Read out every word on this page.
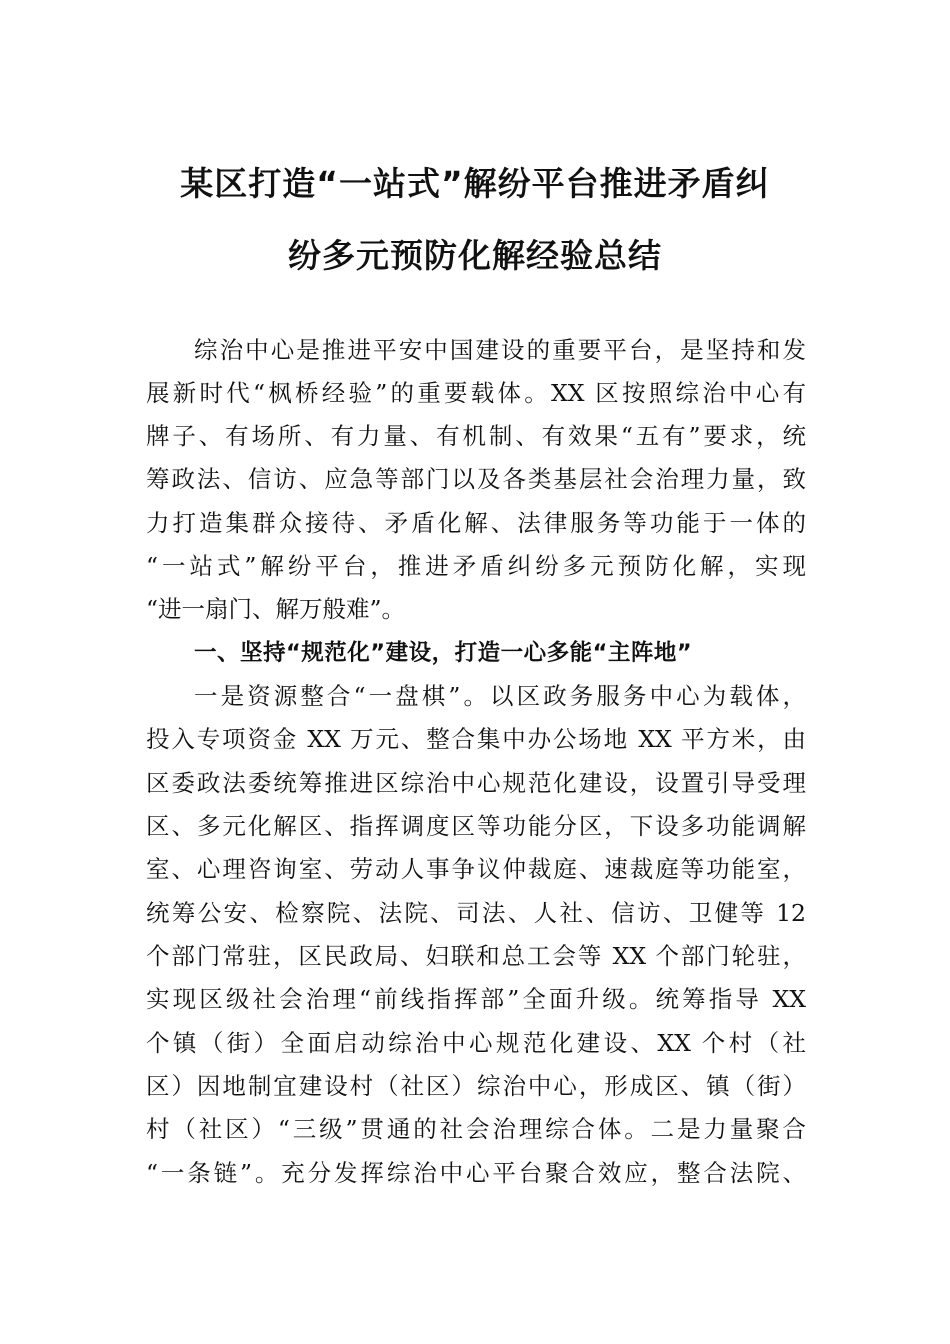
某区打造“一站式”解纷平台推进矛盾纠
纷多元预防化解经验总结
综治中心是推进平安中国建设的重要平台，是坚持和发
展新时代“枫桥经验”的重要载体。XX 区按照综治中心有
牌子、有场所、有力量、有机制、有效果“五有”要求，统
筹政法、信访、应急等部门以及各类基层社会治理力量，致
力打造集群众接待、矛盾化解、法律服务等功能于一体的
“一站式”解纷平台，推进矛盾纠纷多元预防化解，实现
“进一扇门、解万般难”。
一、坚持“规范化”建设，打造一心多能“主阵地”
一是资源整合“一盘棋”。以区政务服务中心为载体，
投入专项资金 XX 万元、整合集中办公场地 XX 平方米，由
区委政法委统筹推进区综治中心规范化建设，设置引导受理
区、多元化解区、指挥调度区等功能分区，下设多功能调解
室、心理咨询室、劳动人事争议仲裁庭、速裁庭等功能室，
统筹公安、检察院、法院、司法、人社、信访、卫健等 12
个部门常驻，区民政局、妇联和总工会等 XX 个部门轮驻，
实现区级社会治理“前线指挥部”全面升级。统筹指导 XX
个镇（街）全面启动综治中心规范化建设、XX 个村（社
区）因地制宜建设村（社区）综治中心，形成区、镇（街）
村（社区）“三级”贯通的社会治理综合体。二是力量聚合
“一条链”。充分发挥综治中心平台聚合效应，整合法院、
